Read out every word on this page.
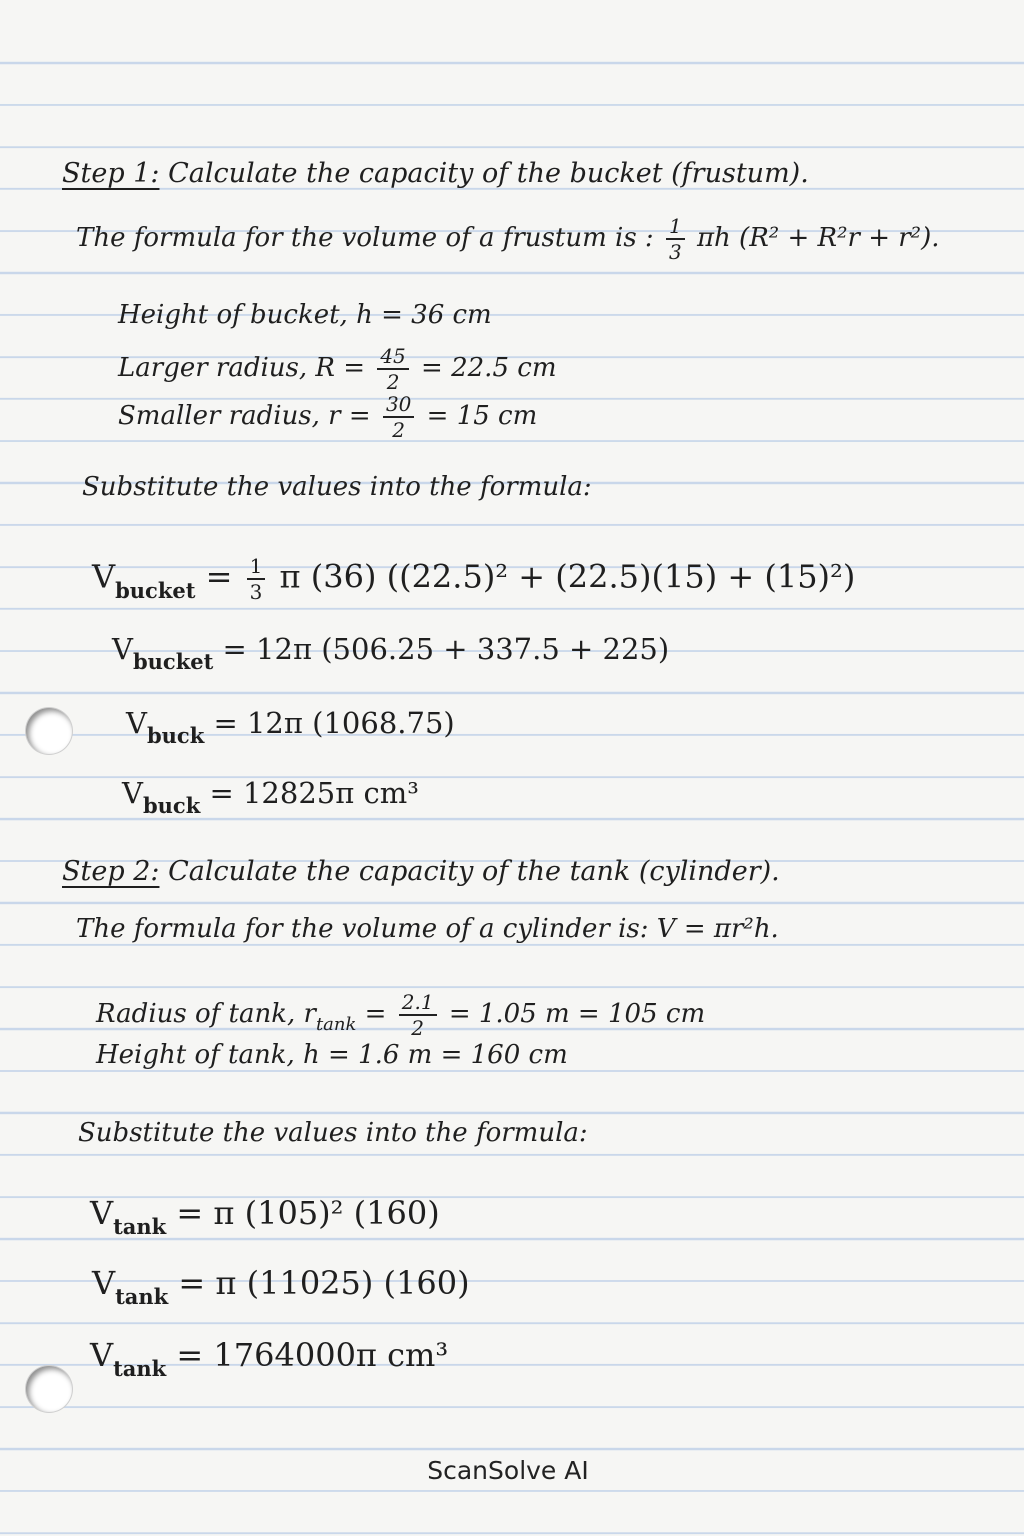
Step 1: Calculate the capacity of the bucket (frustum).
The formula for the volume of a frustum is : $\frac{1}{3}$ πh (R² + R²r + r²).
Height of bucket, h = 36 cm
Larger radius, $R = \frac{45}{2} = 22.5$ cm
Smaller radius, $r = \frac{30}{2} = 15$ cm
Substitute the values into the formula:
$V_{bucket} = \frac{1}{3}$ π (36) ((22.5)² + (22.5)(15) + (15)²)
$V_{bucket} = 12\pi$ (506.25 + 337.5 + 225)
$V_{buck} = 12\pi$ (1068.75)
$V_{buck} = 12825\pi$ cm³
Step 2: Calculate the capacity of the tank (cylinder).
The formula for the volume of a cylinder is: V = πr²h.
Radius of tank, $r_{tank} = \frac{2.1}{2} = 1.05$ m = 105 cm
Height of tank, h = 1.6 m = 160 cm
Substitute the values into the formula:
$V_{tank} = \pi$ (105)² (160)
$V_{tank} = \pi$ (11025) (160)
$V_{tank} = 1764000\pi$ cm³
ScanSolve AI
